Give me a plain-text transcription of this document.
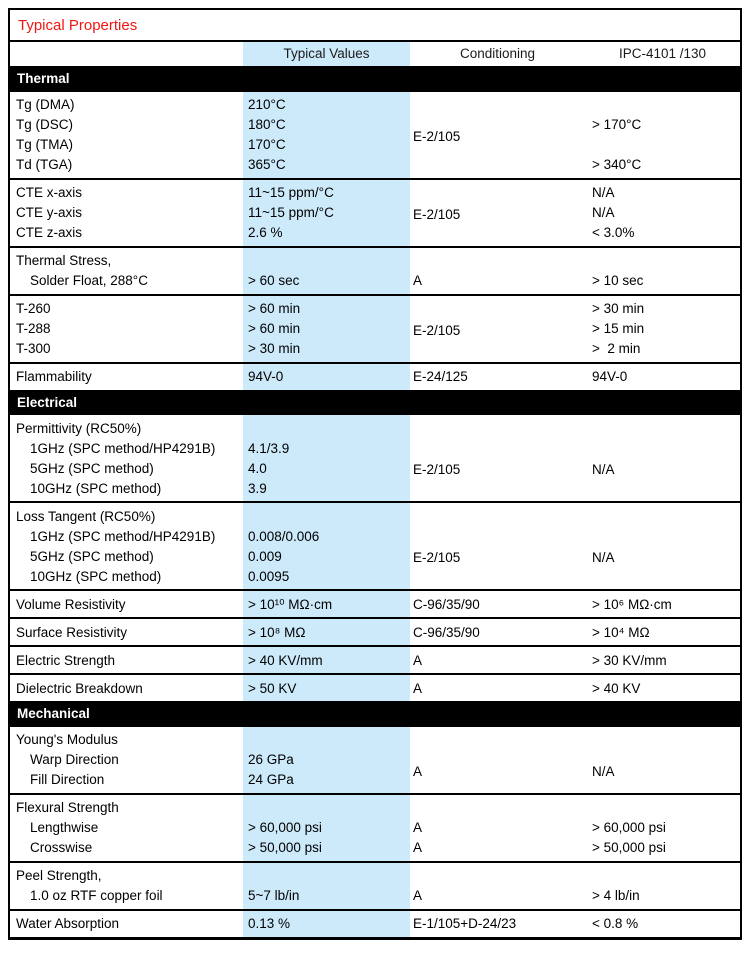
Typical Properties			
	Typical Values	Conditioning	IPC-4101 /130
Thermal			
Tg (DMA)	210°C	E-2/105	> 170°C
Tg (DSC)	180°C		
Tg (TMA)	170°C		
Td (TGA)	365°C		> 340°C
CTE x-axis	11~15 ppm/°C	E-2/105	N/A
CTE y-axis	11~15 ppm/°C		N/A
CTE z-axis	2.6 %		< 3.0%
Thermal Stress,			
Solder Float, 288°C	> 60 sec	A	> 10 sec
T-260	> 60 min	E-2/105	> 30 min
T-288	> 60 min		> 15 min
T-300	> 30 min		>  2 min
Flammability	94V-0	E-24/125	94V-0
Electrical			
Permittivity (RC50%)			
1GHz (SPC method/HP4291B)	4.1/3.9	E-2/105	N/A
5GHz (SPC method)	4.0		
10GHz (SPC method)	3.9		
Loss Tangent (RC50%)			
1GHz (SPC method/HP4291B)	0.008/0.006	E-2/105	N/A
5GHz (SPC method)	0.009		
10GHz (SPC method)	0.0095		
Volume Resistivity	> 10¹⁰ MΩ·cm	C-96/35/90	> 10⁶ MΩ·cm
Surface Resistivity	> 10⁸ MΩ	C-96/35/90	> 10⁴ MΩ
Electric Strength	> 40 KV/mm	A	> 30 KV/mm
Dielectric Breakdown	> 50 KV	A	> 40 KV
Mechanical			
Young's Modulus			
Warp Direction	26 GPa	A	N/A
Fill Direction	24 GPa		
Flexural Strength			
Lengthwise	> 60,000 psi	A	> 60,000 psi
Crosswise	> 50,000 psi	A	> 50,000 psi
Peel Strength,			
1.0 oz RTF copper foil	5~7 lb/in	A	> 4 lb/in
Water Absorption	0.13 %	E-1/105+D-24/23	< 0.8 %
